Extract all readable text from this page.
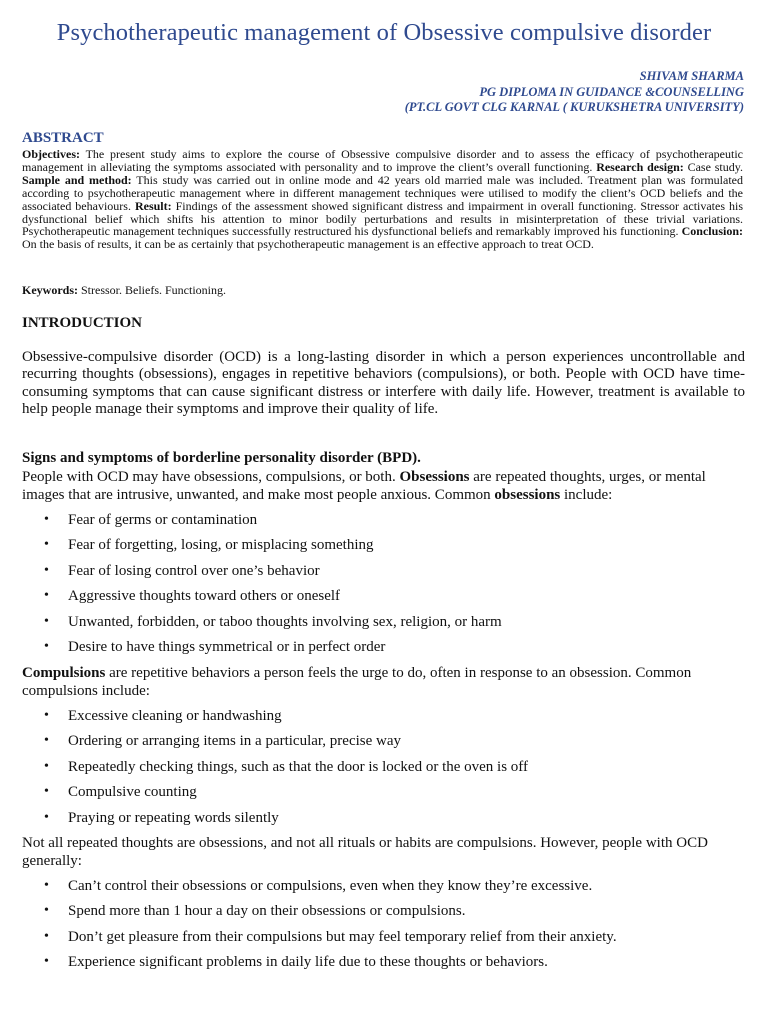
Psychotherapeutic management of Obsessive compulsive disorder
SHIVAM SHARMA
PG DIPLOMA IN GUIDANCE &COUNSELLING
(PT.CL GOVT CLG KARNAL ( KURUKSHETRA UNIVERSITY)
ABSTRACT
Objectives: The present study aims to explore the course of Obsessive compulsive disorder and to assess the efficacy of psychotherapeutic management in alleviating the symptoms associated with personality and to improve the client’s overall functioning. Research design: Case study. Sample and method: This study was carried out in online mode and 42 years old married male was included. Treatment plan was formulated according to psychotherapeutic management where in different management techniques were utilised to modify the client’s OCD beliefs and the associated behaviours. Result: Findings of the assessment showed significant distress and impairment in overall functioning. Stressor activates his dysfunctional belief which shifts his attention to minor bodily perturbations and results in misinterpretation of these trivial variations. Psychotherapeutic management techniques successfully restructured his dysfunctional beliefs and remarkably improved his functioning. Conclusion: On the basis of results, it can be as certainly that psychotherapeutic management is an effective approach to treat OCD.
Keywords: Stressor. Beliefs. Functioning.
INTRODUCTION
Obsessive-compulsive disorder (OCD) is a long-lasting disorder in which a person experiences uncontrollable and recurring thoughts (obsessions), engages in repetitive behaviors (compulsions), or both. People with OCD have time-consuming symptoms that can cause significant distress or interfere with daily life. However, treatment is available to help people manage their symptoms and improve their quality of life.
Signs and symptoms of borderline personality disorder (BPD).
People with OCD may have obsessions, compulsions, or both. Obsessions are repeated thoughts, urges, or mental images that are intrusive, unwanted, and make most people anxious. Common obsessions include:
• Fear of germs or contamination
• Fear of forgetting, losing, or misplacing something
• Fear of losing control over one’s behavior
• Aggressive thoughts toward others or oneself
• Unwanted, forbidden, or taboo thoughts involving sex, religion, or harm
• Desire to have things symmetrical or in perfect order
Compulsions are repetitive behaviors a person feels the urge to do, often in response to an obsession. Common compulsions include:
• Excessive cleaning or handwashing
• Ordering or arranging items in a particular, precise way
• Repeatedly checking things, such as that the door is locked or the oven is off
• Compulsive counting
• Praying or repeating words silently
Not all repeated thoughts are obsessions, and not all rituals or habits are compulsions. However, people with OCD generally:
• Can’t control their obsessions or compulsions, even when they know they’re excessive.
• Spend more than 1 hour a day on their obsessions or compulsions.
• Don’t get pleasure from their compulsions but may feel temporary relief from their anxiety.
• Experience significant problems in daily life due to these thoughts or behaviors.
